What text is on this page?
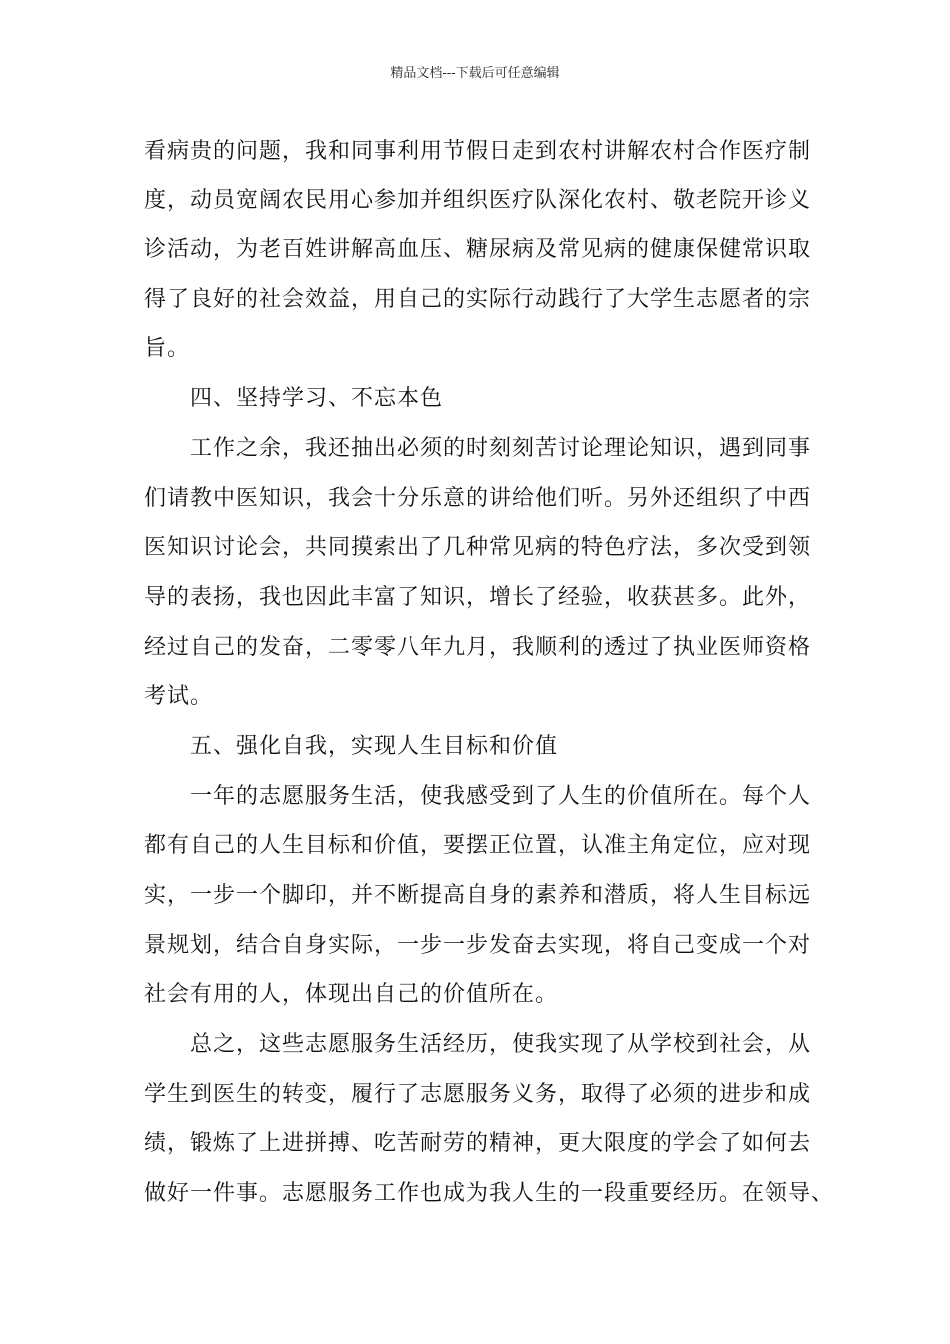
精品文档---下载后可任意编辑
看病贵的问题，我和同事利用节假日走到农村讲解农村合作医疗制
度，动员宽阔农民用心参加并组织医疗队深化农村、敬老院开诊义
诊活动，为老百姓讲解高血压、糖尿病及常见病的健康保健常识取
得了良好的社会效益，用自己的实际行动践行了大学生志愿者的宗
旨。
　　四、坚持学习、不忘本色
　　工作之余，我还抽出必须的时刻刻苦讨论理论知识，遇到同事
们请教中医知识，我会十分乐意的讲给他们听。另外还组织了中西
医知识讨论会，共同摸索出了几种常见病的特色疗法，多次受到领
导的表扬，我也因此丰富了知识，增长了经验，收获甚多。此外，
经过自己的发奋，二零零八年九月，我顺利的透过了执业医师资格
考试。
　　五、强化自我，实现人生目标和价值
　　一年的志愿服务生活，使我感受到了人生的价值所在。每个人
都有自己的人生目标和价值，要摆正位置，认准主角定位，应对现
实，一步一个脚印，并不断提高自身的素养和潜质，将人生目标远
景规划，结合自身实际，一步一步发奋去实现，将自己变成一个对
社会有用的人，体现出自己的价值所在。
　　总之，这些志愿服务生活经历，使我实现了从学校到社会，从
学生到医生的转变，履行了志愿服务义务，取得了必须的进步和成
绩，锻炼了上进拼搏、吃苦耐劳的精神，更大限度的学会了如何去
做好一件事。志愿服务工作也成为我人生的一段重要经历。在领导、
